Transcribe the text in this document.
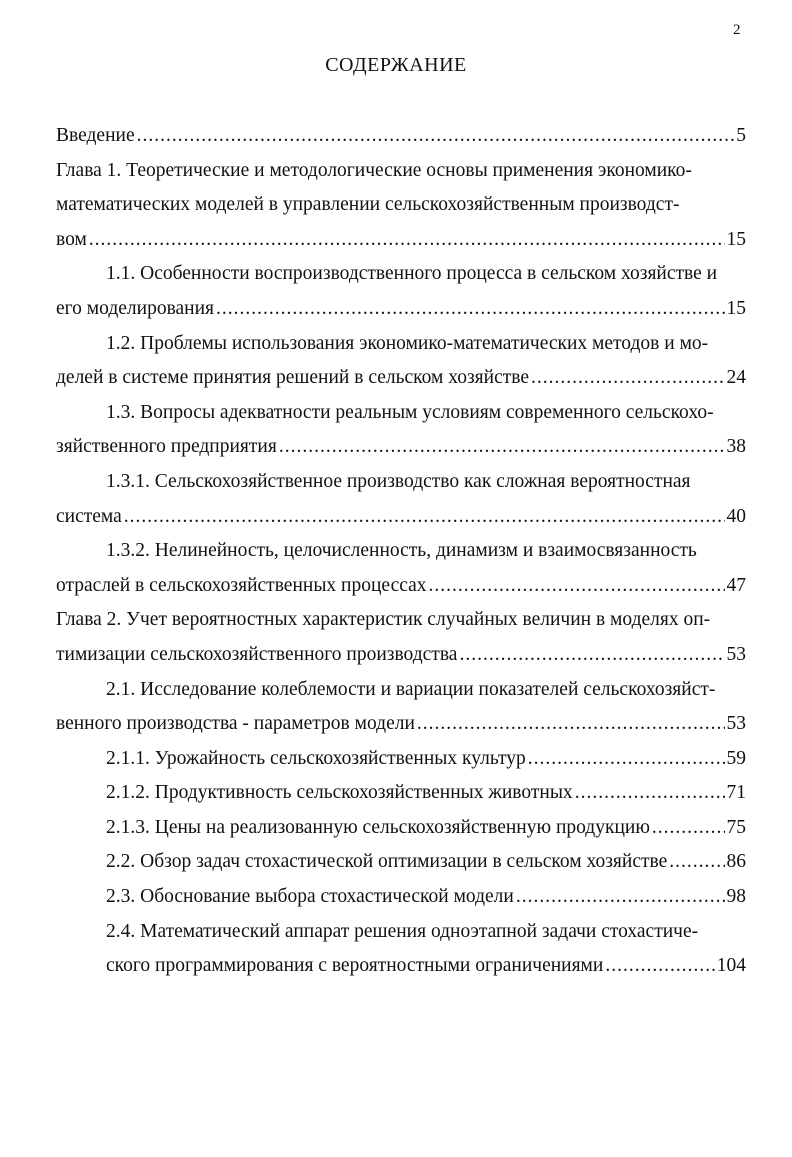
2
СОДЕРЖАНИЕ
Введение .....	5
Глава 1. Теоретические и методологические основы применения экономико-
математических моделей в управлении сельскохозяйственным производст-
вом .....	15
1.1. Особенности воспроизводственного процесса в сельском хозяйстве и
его моделирования .....	15
1.2. Проблемы использования экономико-математических методов и мо-
делей в системе принятия решений в сельском хозяйстве .....	24
1.3. Вопросы адекватности реальным условиям современного сельскохо-
зяйственного предприятия .....	38
1.3.1. Сельскохозяйственное производство как сложная вероятностная
система .....	40
1.3.2. Нелинейность, целочисленность, динамизм и взаимосвязанность
отраслей в сельскохозяйственных процессах .....	47
Глава 2. Учет вероятностных характеристик случайных величин в моделях оп-
тимизации сельскохозяйственного производства .....	53
2.1. Исследование колеблемости и вариации показателей сельскохозяйст-
венного производства - параметров модели .....	53
2.1.1. Урожайность сельскохозяйственных культур .....	59
2.1.2. Продуктивность сельскохозяйственных животных .....	71
2.1.3. Цены на реализованную сельскохозяйственную продукцию .....	75
2.2. Обзор задач стохастической оптимизации в сельском хозяйстве .....	86
2.3. Обоснование выбора стохастической модели .....	98
2.4. Математический аппарат решения одноэтапной задачи стохастиче-
ского программирования с вероятностными ограничениями .....	104
